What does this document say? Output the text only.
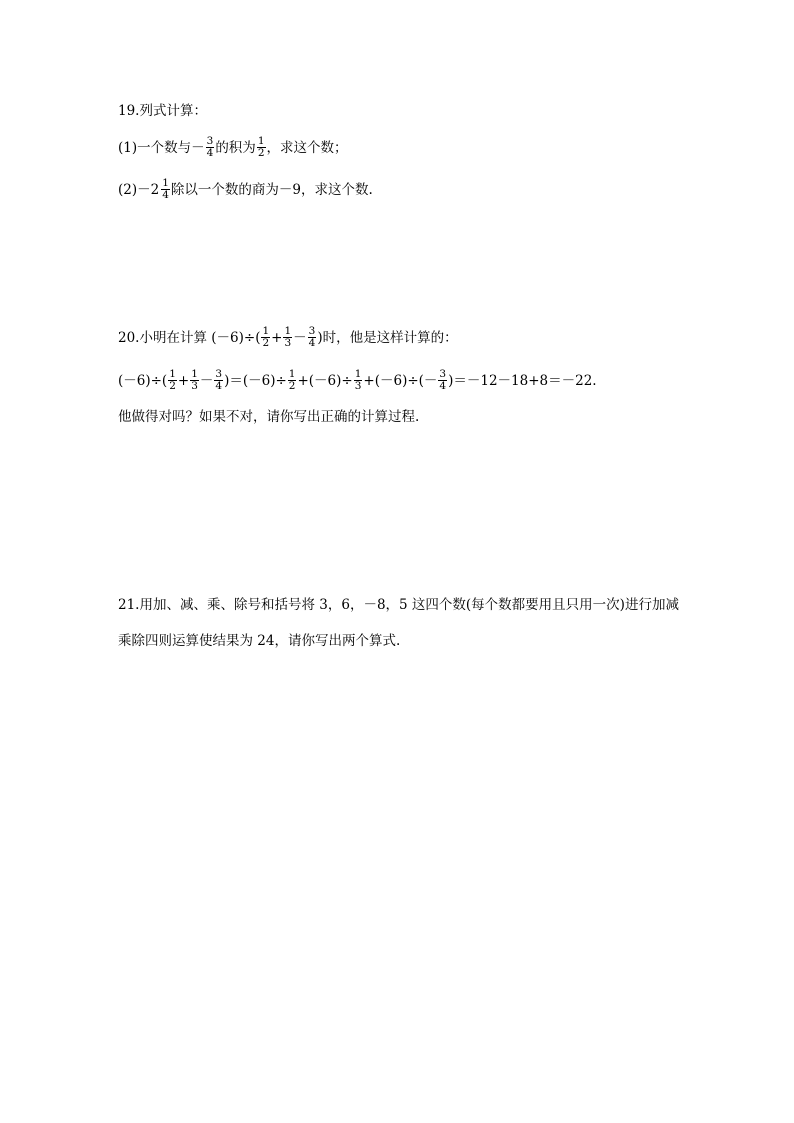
19.列式计算：
(1)一个数与－ $\frac{3}{4}$ 的积为 $\frac{1}{2}$ ，求这个数；
$(2)-2 \frac{1}{4}$ 除以一个数的商为－9，求这个数.
20.小明在计算 $(-6)\div( \frac{1}{2} + \frac{1}{3} - \frac{3}{4}$ )时，他是这样计算的：
$(-6)\div( \frac{1}{2} + \frac{1}{3} - \frac{3}{4} )=(-6)\div \frac{1}{2} +(-6)\div \frac{1}{3} +(-6)\div(- \frac{3}{4} )=-12-18+8=-22$.
他做得对吗？如果不对，请你写出正确的计算过程.
21.用加、减、乘、除号和括号将 3，6，－8，5 这四个数(每个数都要用且只用一次)进行加减
乘除四则运算使结果为 24，请你写出两个算式.
